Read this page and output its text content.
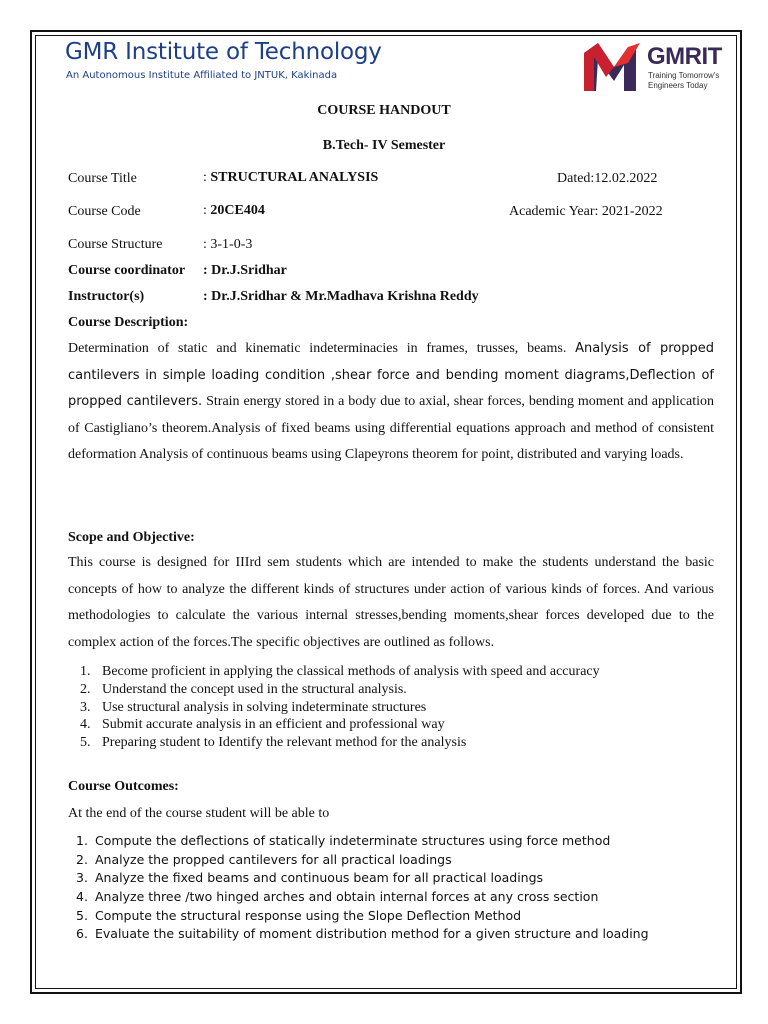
GMR Institute of Technology
An Autonomous Institute Affiliated to JNTUK, Kakinada
GMRIT
Training Tomorrow's
Engineers Today
COURSE HANDOUT
B.Tech- IV Semester
Course Title	: STRUCTURAL ANALYSIS	Dated:12.02.2022
Course Code	: 20CE404	Academic Year: 2021-2022
Course Structure	: 3-1-0-3
Course coordinator : Dr.J.Sridhar
Instructor(s)	: Dr.J.Sridhar & Mr.Madhava Krishna Reddy
Course Description:
Determination of static and kinematic indeterminacies in frames, trusses, beams. Analysis of propped cantilevers in simple loading condition ,shear force and bending moment diagrams,Deflection of propped cantilevers. Strain energy stored in a body due to axial, shear forces, bending moment and application of Castigliano’s theorem.Analysis of fixed beams using differential equations approach and method of consistent deformation Analysis of continuous beams using Clapeyrons theorem for point, distributed and varying loads.
Scope and Objective:
This course is designed for IIIrd sem students which are intended to make the students understand the basic concepts of how to analyze the different kinds of structures under action of various kinds of forces. And various methodologies to calculate the various internal stresses,bending moments,shear forces developed due to the complex action of the forces.The specific objectives are outlined as follows.
1. Become proficient in applying the classical methods of analysis with speed and accuracy
2. Understand the concept used in the structural analysis.
3. Use structural analysis in solving indeterminate structures
4. Submit accurate analysis in an efficient and professional way
5. Preparing student to Identify the relevant method for the analysis
Course Outcomes:
At the end of the course student will be able to
1. Compute the deflections of statically indeterminate structures using force method
2. Analyze the propped cantilevers for all practical loadings
3. Analyze the fixed beams and continuous beam for all practical loadings
4. Analyze three /two hinged arches and obtain internal forces at any cross section
5. Compute the structural response using the Slope Deflection Method
6. Evaluate the suitability of moment distribution method for a given structure and loading
